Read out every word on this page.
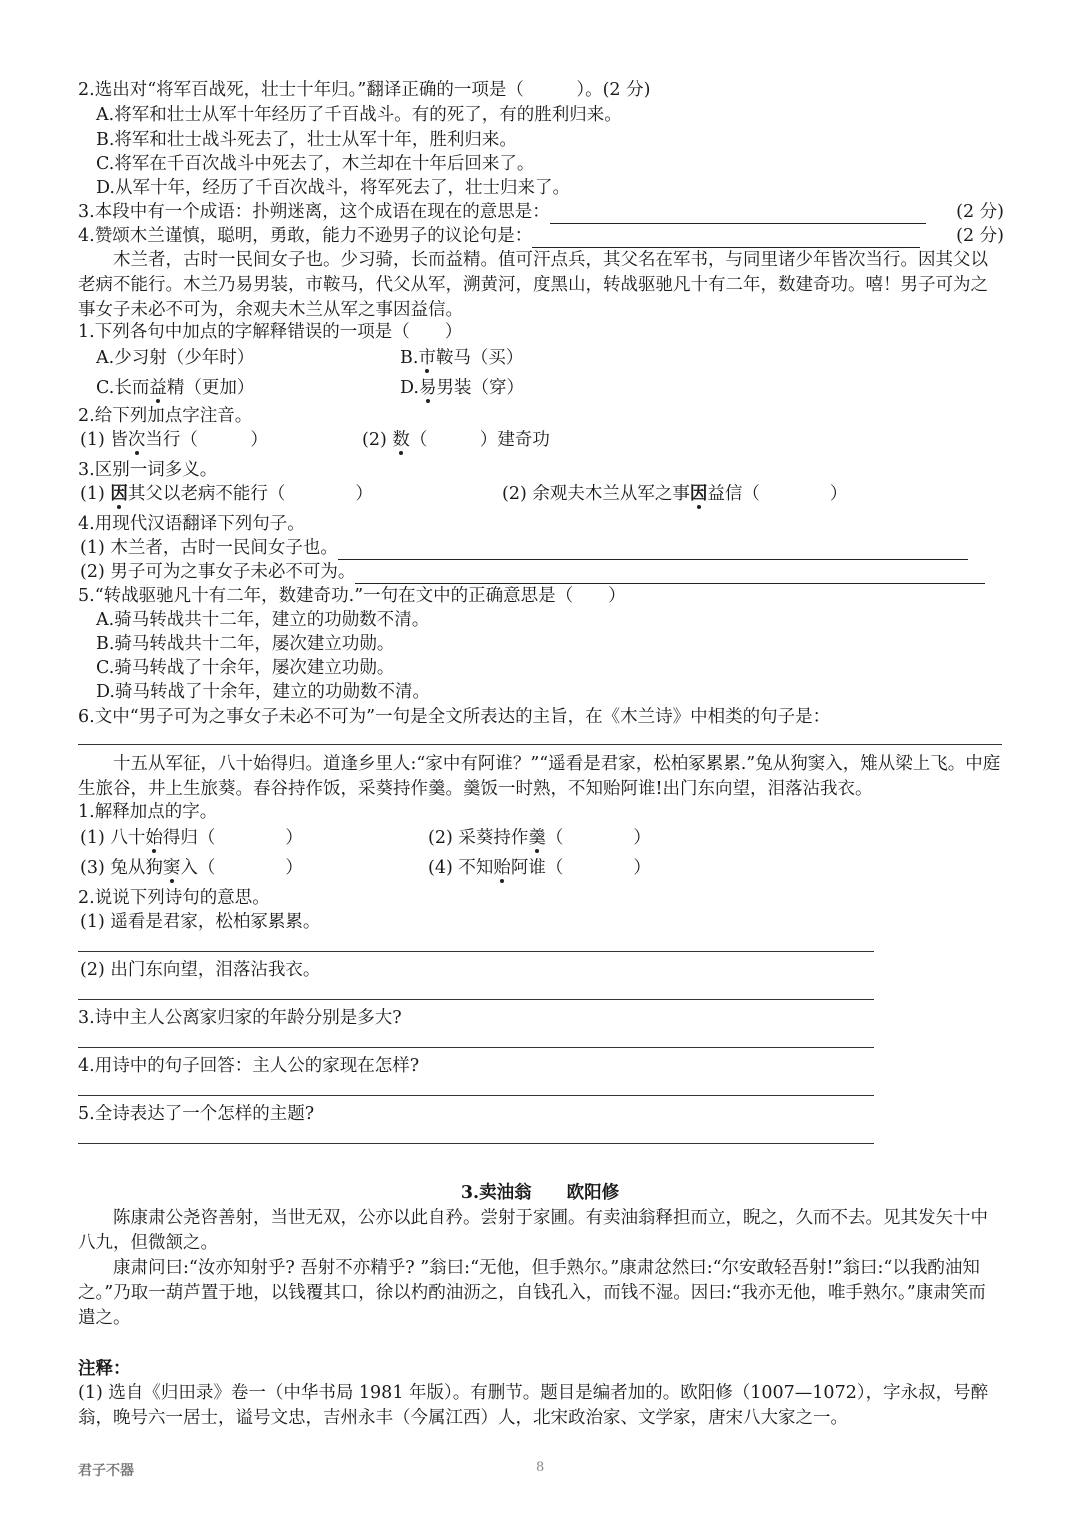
2.选出对“将军百战死，壮士十年归。”翻译正确的一项是（　　　）。(2 分)
A.将军和壮士从军十年经历了千百战斗。有的死了，有的胜利归来。
B.将军和壮士战斗死去了，壮士从军十年，胜利归来。
C.将军在千百次战斗中死去了，木兰却在十年后回来了。
D.从军十年，经历了千百次战斗，将军死去了，壮士归来了。
3.本段中有一个成语：扑朔迷离，这个成语在现在的意思是：	(2 分)
4.赞颂木兰谨慎，聪明，勇敢，能力不逊男子的议论句是：	(2 分)
木兰者，古时一民间女子也。少习骑，长而益精。值可汗点兵，其父名在军书，与同里诸少年皆次当行。因其父以老病不能行。木兰乃易男装，市鞍马，代父从军，溯黄河，度黑山，转战驱驰凡十有二年，数建奇功。嘻！男子可为之事女子未必不可为，余观夫木兰从军之事因益信。
1.下列各句中加点的字解释错误的一项是（　　）
A.少习射（少年时）	B.市鞍马（买）
C.长而益精（更加）	D.易男装（穿）
2.给下列加点字注音。
(1) 皆次当行（　　　）	(2) 数（　　　）建奇功
3.区别一词多义。
(1) 因其父以老病不能行（　　　　）	(2) 余观夫木兰从军之事因益信（　　　　）
4.用现代汉语翻译下列句子。
(1) 木兰者，古时一民间女子也。
(2) 男子可为之事女子未必不可为。
5.“转战驱驰凡十有二年，数建奇功.”一句在文中的正确意思是（　　）
A.骑马转战共十二年，建立的功勋数不清。
B.骑马转战共十二年，屡次建立功勋。
C.骑马转战了十余年，屡次建立功勋。
D.骑马转战了十余年，建立的功勋数不清。
6.文中“男子可为之事女子未必不可为”一句是全文所表达的主旨，在《木兰诗》中相类的句子是：
十五从军征，八十始得归。道逢乡里人:“家中有阿谁？”“遥看是君家，松柏冢累累.”兔从狗窦入，雉从梁上飞。中庭生旅谷，井上生旅葵。春谷持作饭，采葵持作羹。羹饭一时熟，不知贻阿谁!出门东向望，泪落沾我衣。
1.解释加点的字。
(1) 八十始得归（　　　　）	(2) 采葵持作羹（　　　　）
(3) 兔从狗窦入（　　　　）	(4) 不知贻阿谁（　　　　）
2.说说下列诗句的意思。
(1) 遥看是君家，松柏冢累累。
(2) 出门东向望，泪落沾我衣。
3.诗中主人公离家归家的年龄分别是多大?
4.用诗中的句子回答：主人公的家现在怎样?
5.全诗表达了一个怎样的主题?
3.卖油翁　　欧阳修
陈康肃公尧咨善射，当世无双，公亦以此自矜。尝射于家圃。有卖油翁释担而立，睨之，久而不去。见其发矢十中八九，但微颔之。
康肃问曰:“汝亦知射乎? 吾射不亦精乎? ”翁曰:“无他，但手熟尔。”康肃忿然曰:“尔安敢轻吾射!”翁曰:“以我酌油知之。”乃取一葫芦置于地，以钱覆其口，徐以杓酌油沥之，自钱孔入，而钱不湿。因曰:“我亦无他，唯手熟尔。”康肃笑而遣之。
注释：
(1) 选自《归田录》卷一（中华书局 1981 年版）。有删节。题目是编者加的。欧阳修（1007—1072），字永叔，号醉翁，晚号六一居士，谥号文忠，吉州永丰（今属江西）人，北宋政治家、文学家，唐宋八大家之一。
君子不器	8
